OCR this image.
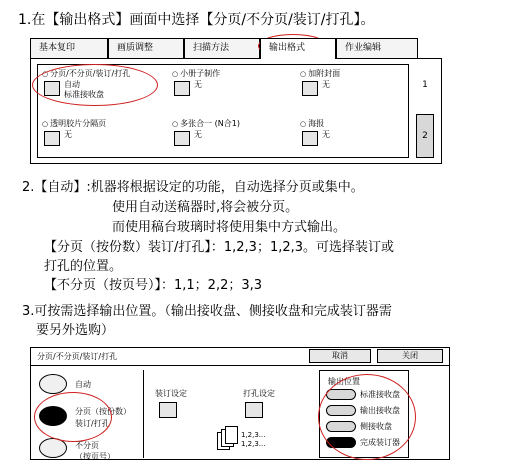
1.在【输出格式】画面中选择【分页/不分页/装订/打孔】。
基本复印	画质调整	扫描方法	输出格式	作业编辑
○ 分页/不分页/装订/打孔
自动
标准接收盘
○ 小册子制作
无
○ 加附封面
无
○ 透明胶片分隔页
无
○ 多张合一 (N合1)
无
○ 海报
无
1
2
2.【自动】:机器将根据设定的功能，自动选择分页或集中。
使用自动送稿器时,将会被分页。
而使用稿台玻璃时将使用集中方式输出。
【分页（按份数）装订/打孔】：1,2,3；1,2,3。可选择装订或
打孔的位置。
【不分页（按页号）】：1,1；2,2；3,3
3.可按需选择输出位置。（输出接收盘、侧接收盘和完成装订器需
要另外选购）
分页/不分页/装订/打孔	取消	关闭
自动
分页（按份数）
装订/打孔
不分页
（按页号）
装订设定	打孔设定
1,2,3...
1,2,3...
输出位置
标准接收盘
输出接收盘
侧接收盘
完成装订器
